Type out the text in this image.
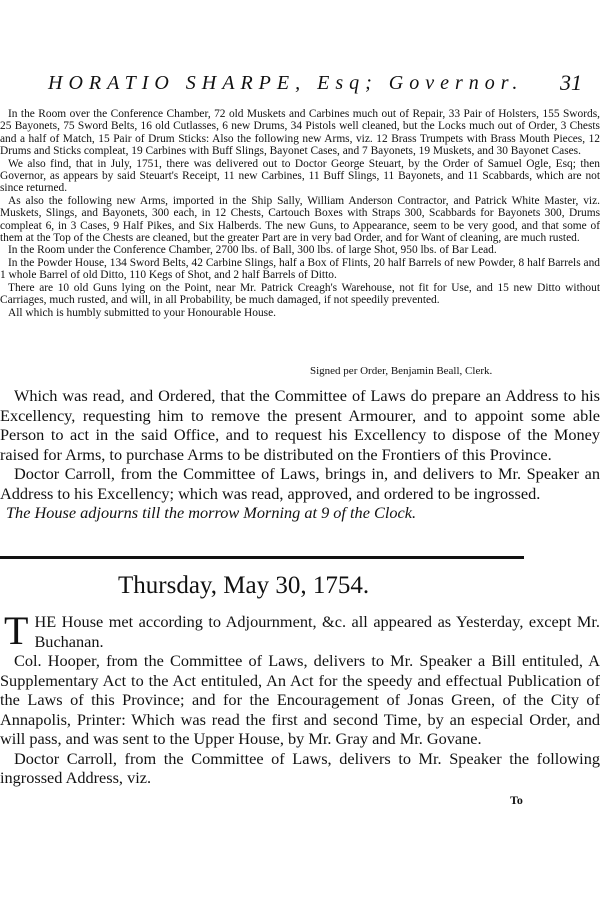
HORATIO SHARPE, Esq; Governor. 31

In the Room over the Conference Chamber, 72 old Muskets and Carbines much out of Repair, 33 Pair of Holsters, 155 Swords, 25 Bayonets, 75 Sword Belts, 16 old Cutlasses, 6 new Drums, 34 Pistols well cleaned, but the Locks much out of Order, 3 Chests and a half of Match, 15 Pair of Drum Sticks: Also the following new Arms, viz. 12 Brass Trumpets with Brass Mouth Pieces, 12 Drums and Sticks compleat, 19 Carbines with Buff Slings, Bayonet Cases, and 7 Bayonets, 19 Muskets, and 30 Bayonet Cases.

We also find, that in July, 1751, there was delivered out to Doctor George Steuart, by the Order of Samuel Ogle, Esq; then Governor, as appears by said Steuart's Receipt, 11 new Carbines, 11 Buff Slings, 11 Bayonets, and 11 Scabbards, which are not since returned.

As also the following new Arms, imported in the Ship Sally, William Anderson Contractor, and Patrick White Master, viz. Muskets, Slings, and Bayonets, 300 each, in 12 Chests, Cartouch Boxes with Straps 300, Scabbards for Bayonets 300, Drums compleat 6, in 3 Cases, 9 Half Pikes, and Six Halberds. The new Guns, to Appearance, seem to be very good, and that some of them at the Top of the Chests are cleaned, but the greater Part are in very bad Order, and for Want of cleaning, are much rusted.

In the Room under the Conference Chamber, 2700 lbs. of Ball, 300 lbs. of large Shot, 950 lbs. of Bar Lead.

In the Powder House, 134 Sword Belts, 42 Carbine Slings, half a Box of Flints, 20 half Barrels of new Powder, 8 half Barrels and 1 whole Barrel of old Ditto, 110 Kegs of Shot, and 2 half Barrels of Ditto.

There are 10 old Guns lying on the Point, near Mr. Patrick Creagh's Warehouse, not fit for Use, and 15 new Ditto without Carriages, much rusted, and will, in all Probability, be much damaged, if not speedily prevented.

All which is humbly submitted to your Honourable House.

Signed per Order, Benjamin Beall, Clerk.

Which was read, and Ordered, that the Committee of Laws do prepare an Address to his Excellency, requesting him to remove the present Armourer, and to appoint some able Person to act in the said Office, and to request his Excellency to dispose of the Money raised for Arms, to purchase Arms to be distributed on the Frontiers of this Province.

Doctor Carroll, from the Committee of Laws, brings in, and delivers to Mr. Speaker an Address to his Excellency; which was read, approved, and ordered to be ingrossed.

The House adjourns till the morrow Morning at 9 of the Clock.

Thursday, May 30, 1754.

T HE House met according to Adjournment, &c. all appeared as Yesterday, except Mr. Buchanan.

Col. Hooper, from the Committee of Laws, delivers to Mr. Speaker a Bill entituled, A Supplementary Act to the Act entituled, An Act for the speedy and effectual Publication of the Laws of this Province; and for the Encouragement of Jonas Green, of the City of Annapolis, Printer: Which was read the first and second Time, by an especial Order, and will pass, and was sent to the Upper House, by Mr. Gray and Mr. Govane.

Doctor Carroll, from the Committee of Laws, delivers to Mr. Speaker the following ingrossed Address, viz.

To
